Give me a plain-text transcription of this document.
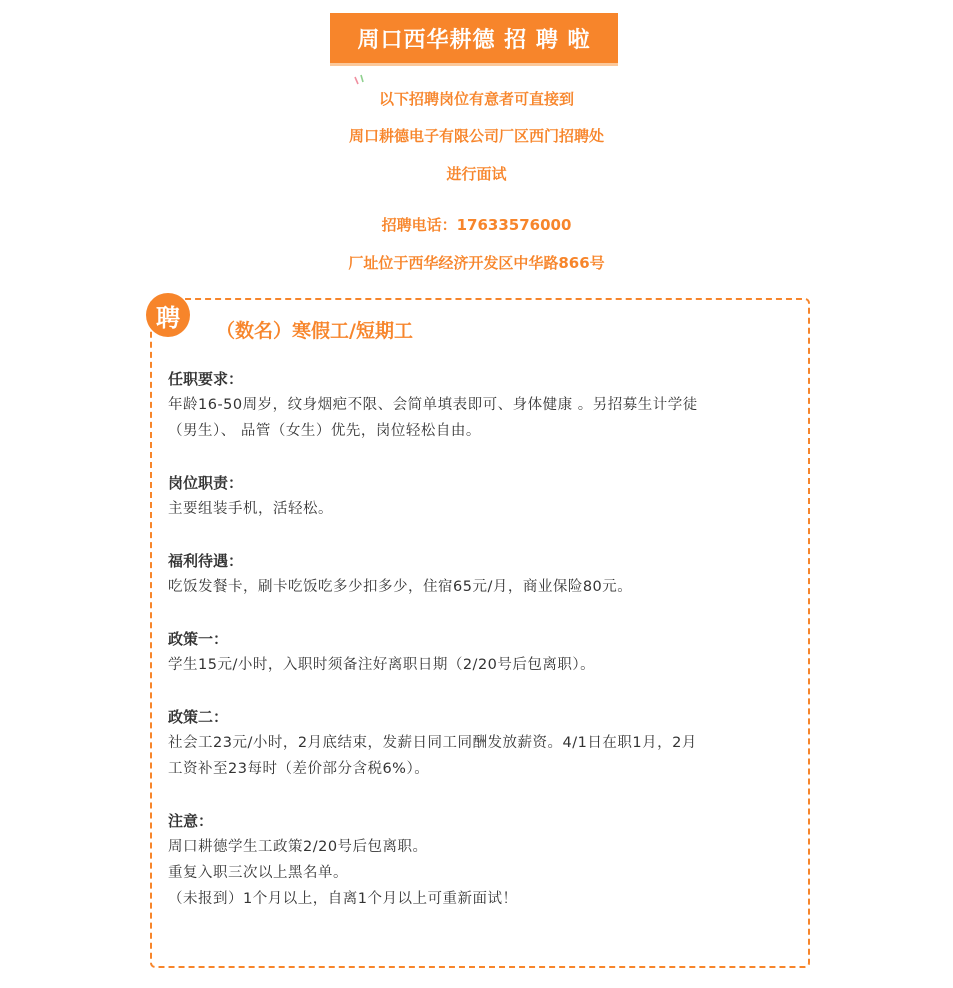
周口西华耕德 招 聘 啦
以下招聘岗位有意者可直接到
周口耕德电子有限公司厂区西门招聘处
进行面试
招聘电话：17633576000
厂址位于西华经济开发区中华路866号
聘 （数名）寒假工/短期工
任职要求：
年龄16-50周岁，纹身烟疤不限、会简单填表即可、身体健康 。另招募生计学徒
（男生）、 品管（女生）优先，岗位轻松自由。
岗位职责：
主要组装手机，活轻松。
福利待遇：
吃饭发餐卡，刷卡吃饭吃多少扣多少，住宿65元/月，商业保险80元。
政策一：
学生15元/小时，入职时须备注好离职日期（2/20号后包离职）。
政策二：
社会工23元/小时，2月底结束，发薪日同工同酬发放薪资。4/1日在职1月，2月
工资补至23每时（差价部分含税6%）。
注意：
周口耕德学生工政策2/20号后包离职。
重复入职三次以上黑名单。
（未报到）1个月以上，自离1个月以上可重新面试！
